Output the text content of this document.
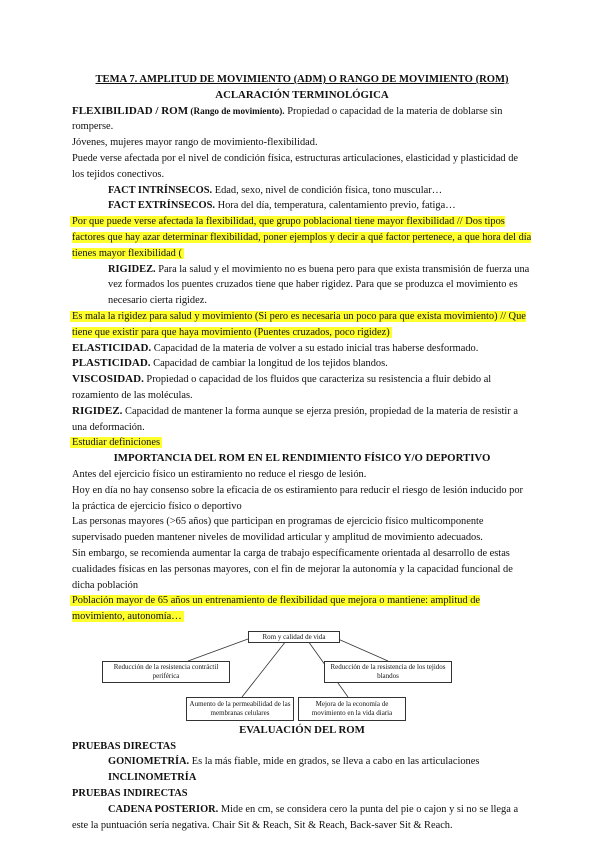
TEMA 7. AMPLITUD DE MOVIMIENTO (ADM) O RANGO DE MOVIMIENTO (ROM)

ACLARACIÓN TERMINOLÓGICA

FLEXIBILIDAD / ROM (Rango de movimiento). Propiedad o capacidad de la materia de doblarse sin romperse.

Jóvenes, mujeres mayor rango de movimiento-flexibilidad.

Puede verse afectada por el nivel de condición física, estructuras articulaciones, elasticidad y plasticidad de los tejidos conectivos.

FACT INTRÍNSECOS. Edad, sexo, nivel de condición física, tono muscular…

FACT EXTRÍNSECOS. Hora del día, temperatura, calentamiento previo, fatiga…

Por que puede verse afectada la flexibilidad, que grupo poblacional tiene mayor flexibilidad // Dos tipos factores que hay azar determinar flexibilidad, poner ejemplos y decir a qué factor pertenece, a que hora del día tienes mayor flexibilidad (

RIGIDEZ. Para la salud y el movimiento no es buena pero para que exista transmisión de fuerza una vez formados los puentes cruzados tiene que haber rigidez. Para que se produzca el movimiento es necesario cierta rigidez.

Es mala la rigidez para salud y movimiento (Si pero es necesaria un poco para que exista movimiento) // Que tiene que existir para que haya movimiento (Puentes cruzados, poco rigidez)

ELASTICIDAD. Capacidad de la materia de volver a su estado inicial tras haberse desformado.

PLASTICIDAD. Capacidad de cambiar la longitud de los tejidos blandos.

VISCOSIDAD. Propiedad o capacidad de los fluidos que caracteriza su resistencia a fluir debido al rozamiento de las moléculas.

RIGIDEZ. Capacidad de mantener la forma aunque se ejerza presión, propiedad de la materia de resistir a una deformación.

Estudiar definiciones

IMPORTANCIA DEL ROM EN EL RENDIMIENTO FÍSICO Y/O DEPORTIVO

Antes del ejercicio físico un estiramiento no reduce el riesgo de lesión.

Hoy en día no hay consenso sobre la eficacia de os estiramiento para reducir el riesgo de lesión inducido por la práctica de ejercicio físico o deportivo

Las personas mayores (>65 años) que participan en programas de ejercicio físico multicomponente supervisado pueden mantener niveles de movilidad articular y amplitud de movimiento adecuados.

Sin embargo, se recomienda aumentar la carga de trabajo específicamente orientada al desarrollo de estas cualidades físicas en las personas mayores, con el fin de mejorar la autonomía y la capacidad funcional de dicha población

Población mayor de 65 años un entrenamiento de flexibilidad que mejora o mantiene: amplitud de movimiento, autonomía…

Rom y calidad de vida
Reducción de la resistencia contráctil periférica
Reducción de la resistencia de los tejidos blandos
Aumento de la permeabilidad de las membranas celulares
Mejora de la economía de movimiento en la vida diaria

EVALUACIÓN DEL ROM

PRUEBAS DIRECTAS

GONIOMETRÍA. Es la más fiable, mide en grados, se lleva a cabo en las articulaciones

INCLINOMETRÍA

PRUEBAS INDIRECTAS

CADENA POSTERIOR. Mide en cm, se considera cero la punta del pie o cajon y si no se llega a este la puntuación sería negativa. Chair Sit & Reach, Sit & Reach, Back-saver Sit & Reach.
